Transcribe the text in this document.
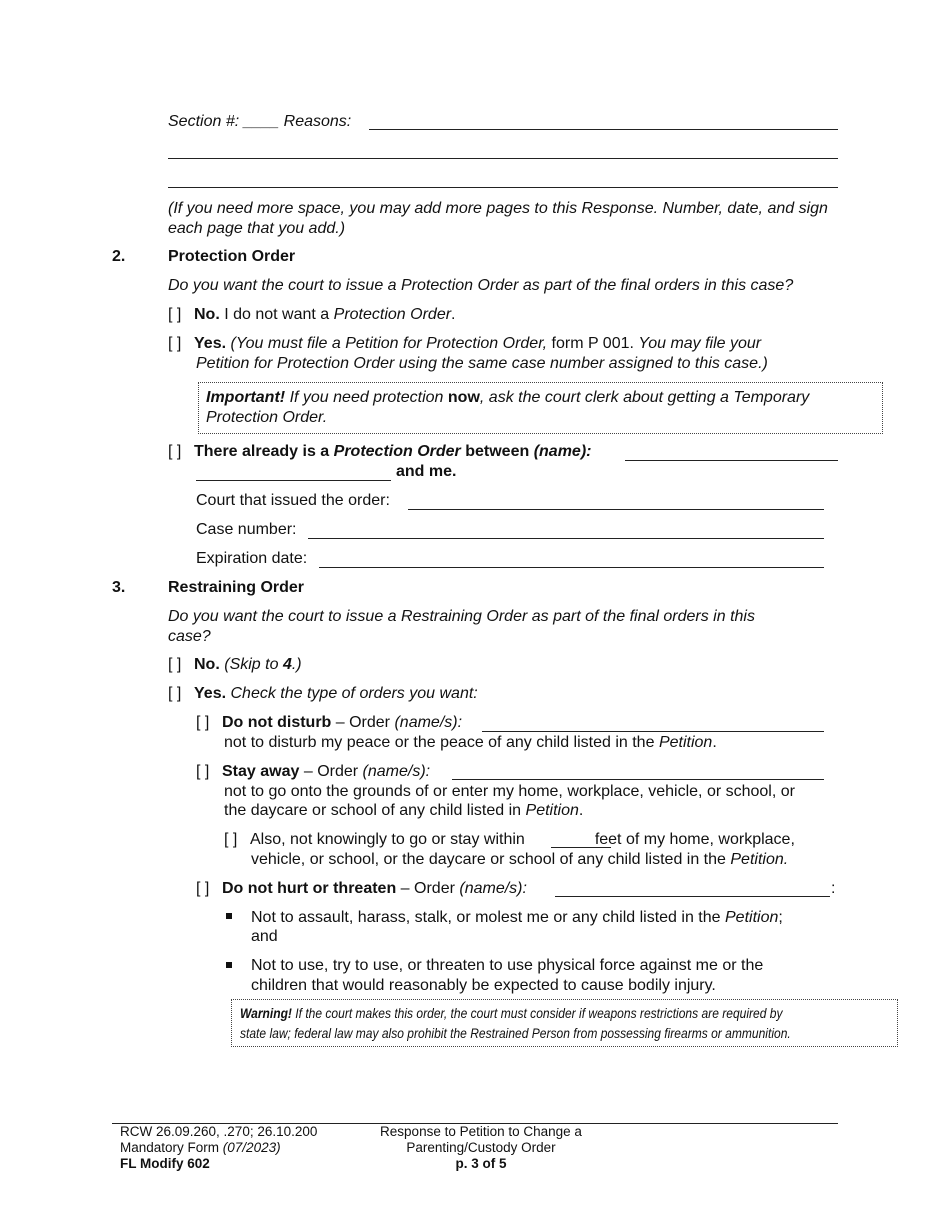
Section #: ____ Reasons:
(If you need more space, you may add more pages to this Response. Number, date, and sign each page that you add.)
2.	Protection Order
Do you want the court to issue a Protection Order as part of the final orders in this case?
[ ] No. I do not want a Protection Order.
[ ] Yes. (You must file a Petition for Protection Order, form P 001. You may file your
Petition for Protection Order using the same case number assigned to this case.)
Important! If you need protection now, ask the court clerk about getting a Temporary
Protection Order.
[ ] There already is a Protection Order between (name):
and me.
Court that issued the order:
Case number:
Expiration date:
3.	Restraining Order
Do you want the court to issue a Restraining Order as part of the final orders in this
case?
[ ] No. (Skip to 4.)
[ ] Yes. Check the type of orders you want:
[ ] Do not disturb – Order (name/s):
not to disturb my peace or the peace of any child listed in the Petition.
[ ] Stay away – Order (name/s):
not to go onto the grounds of or enter my home, workplace, vehicle, or school, or
the daycare or school of any child listed in Petition.
[ ] Also, not knowingly to go or stay within	feet of my home, workplace,
vehicle, or school, or the daycare or school of any child listed in the Petition.
[ ] Do not hurt or threaten – Order (name/s):	:
Not to assault, harass, stalk, or molest me or any child listed in the Petition;
and
Not to use, try to use, or threaten to use physical force against me or the
children that would reasonably be expected to cause bodily injury.
Warning! If the court makes this order, the court must consider if weapons restrictions are required by
state law; federal law may also prohibit the Restrained Person from possessing firearms or ammunition.
RCW 26.09.260, .270; 26.10.200
Mandatory Form (07/2023)
FL Modify 602
Response to Petition to Change a
Parenting/Custody Order
p. 3 of 5
